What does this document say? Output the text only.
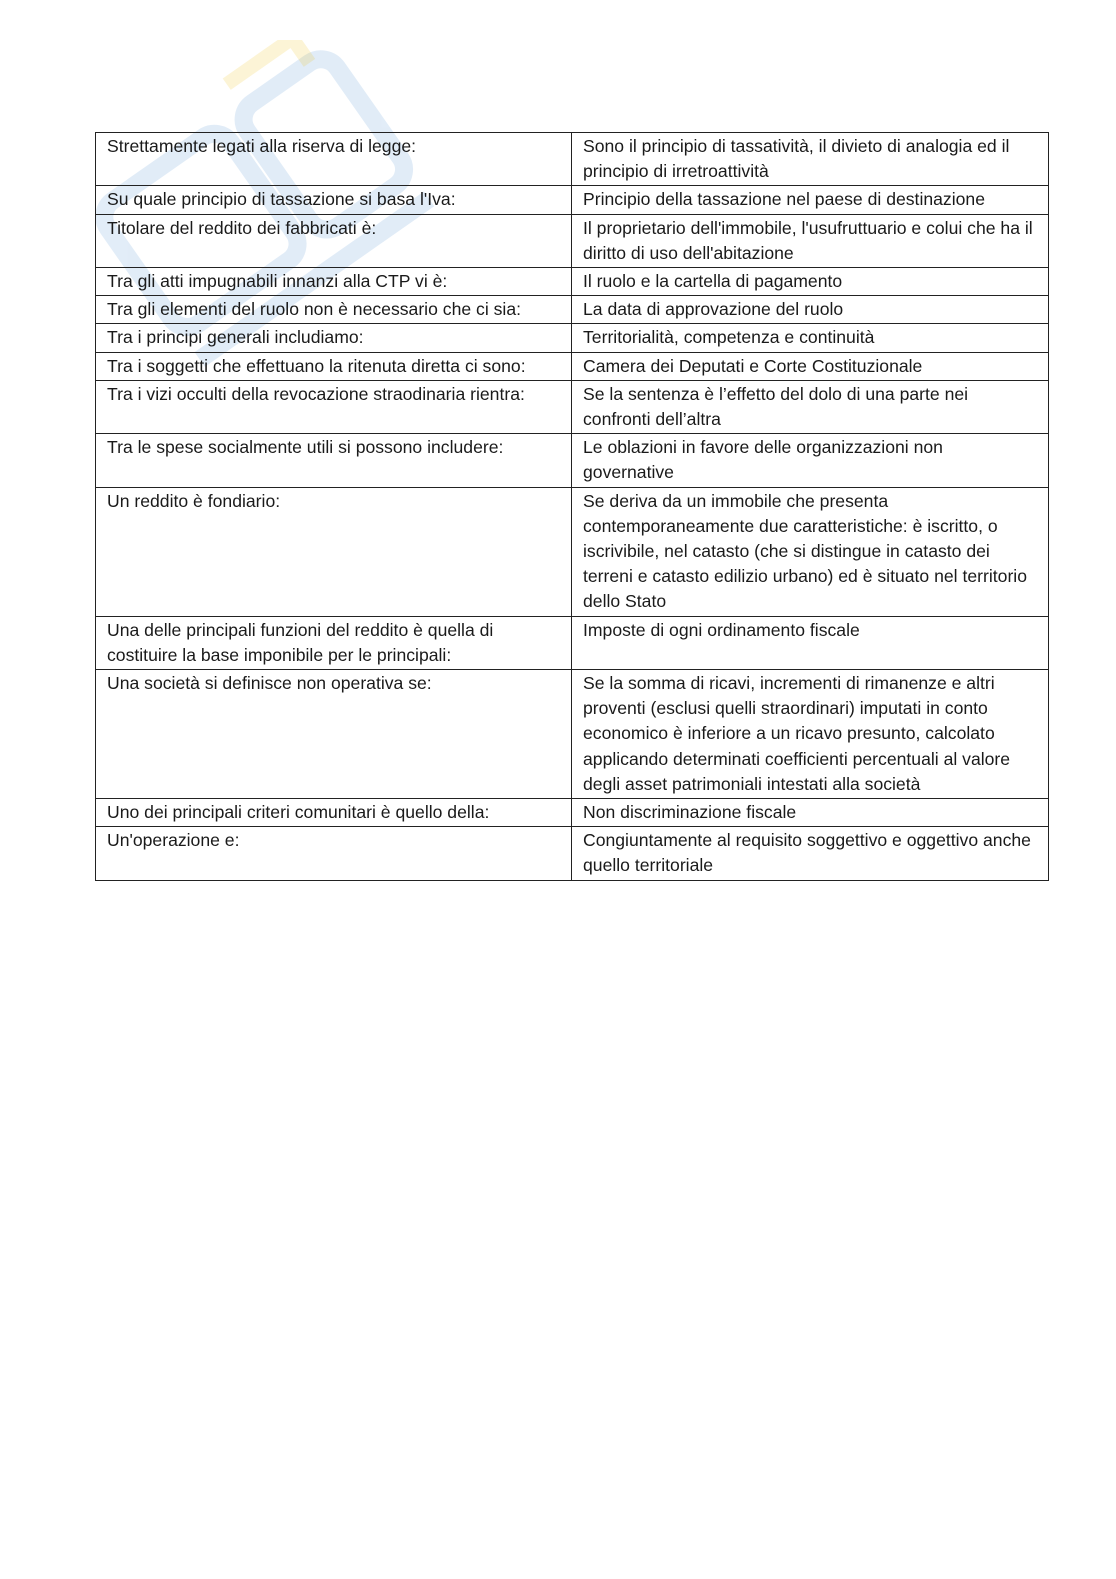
Strettamente legati alla riserva di legge:	Sono il principio di tassatività, il divieto di analogia ed il principio di irretroattività
Su quale principio di tassazione si basa l'Iva:	Principio della tassazione nel paese di destinazione
Titolare del reddito dei fabbricati è:	Il proprietario dell'immobile, l'usufruttuario e colui che ha il diritto di uso dell'abitazione
Tra gli atti impugnabili innanzi alla CTP vi è:	Il ruolo e la cartella di pagamento
Tra gli elementi del ruolo non è necessario che ci sia:	La data di approvazione del ruolo
Tra i principi generali includiamo:	Territorialità, competenza e continuità
Tra i soggetti che effettuano la ritenuta diretta ci sono:	Camera dei Deputati e Corte Costituzionale
Tra i vizi occulti della revocazione straodinaria rientra:	Se la sentenza è l’effetto del dolo di una parte nei confronti dell’altra
Tra le spese socialmente utili si possono includere:	Le oblazioni in favore delle organizzazioni non governative
Un reddito è fondiario:	Se deriva da un immobile che presenta contemporaneamente due caratteristiche: è iscritto, o iscrivibile, nel catasto (che si distingue in catasto dei terreni e catasto edilizio urbano) ed è situato nel territorio dello Stato
Una delle principali funzioni del reddito è quella di costituire la base imponibile per le principali:	Imposte di ogni ordinamento fiscale
Una società si definisce non operativa se:	Se la somma di ricavi, incrementi di rimanenze e altri proventi (esclusi quelli straordinari) imputati in conto economico è inferiore a un ricavo presunto, calcolato applicando determinati coefficienti percentuali al valore degli asset patrimoniali intestati alla società
Uno dei principali criteri comunitari è quello della:	Non discriminazione fiscale
Un'operazione e:	Congiuntamente al requisito soggettivo e oggettivo anche quello territoriale
